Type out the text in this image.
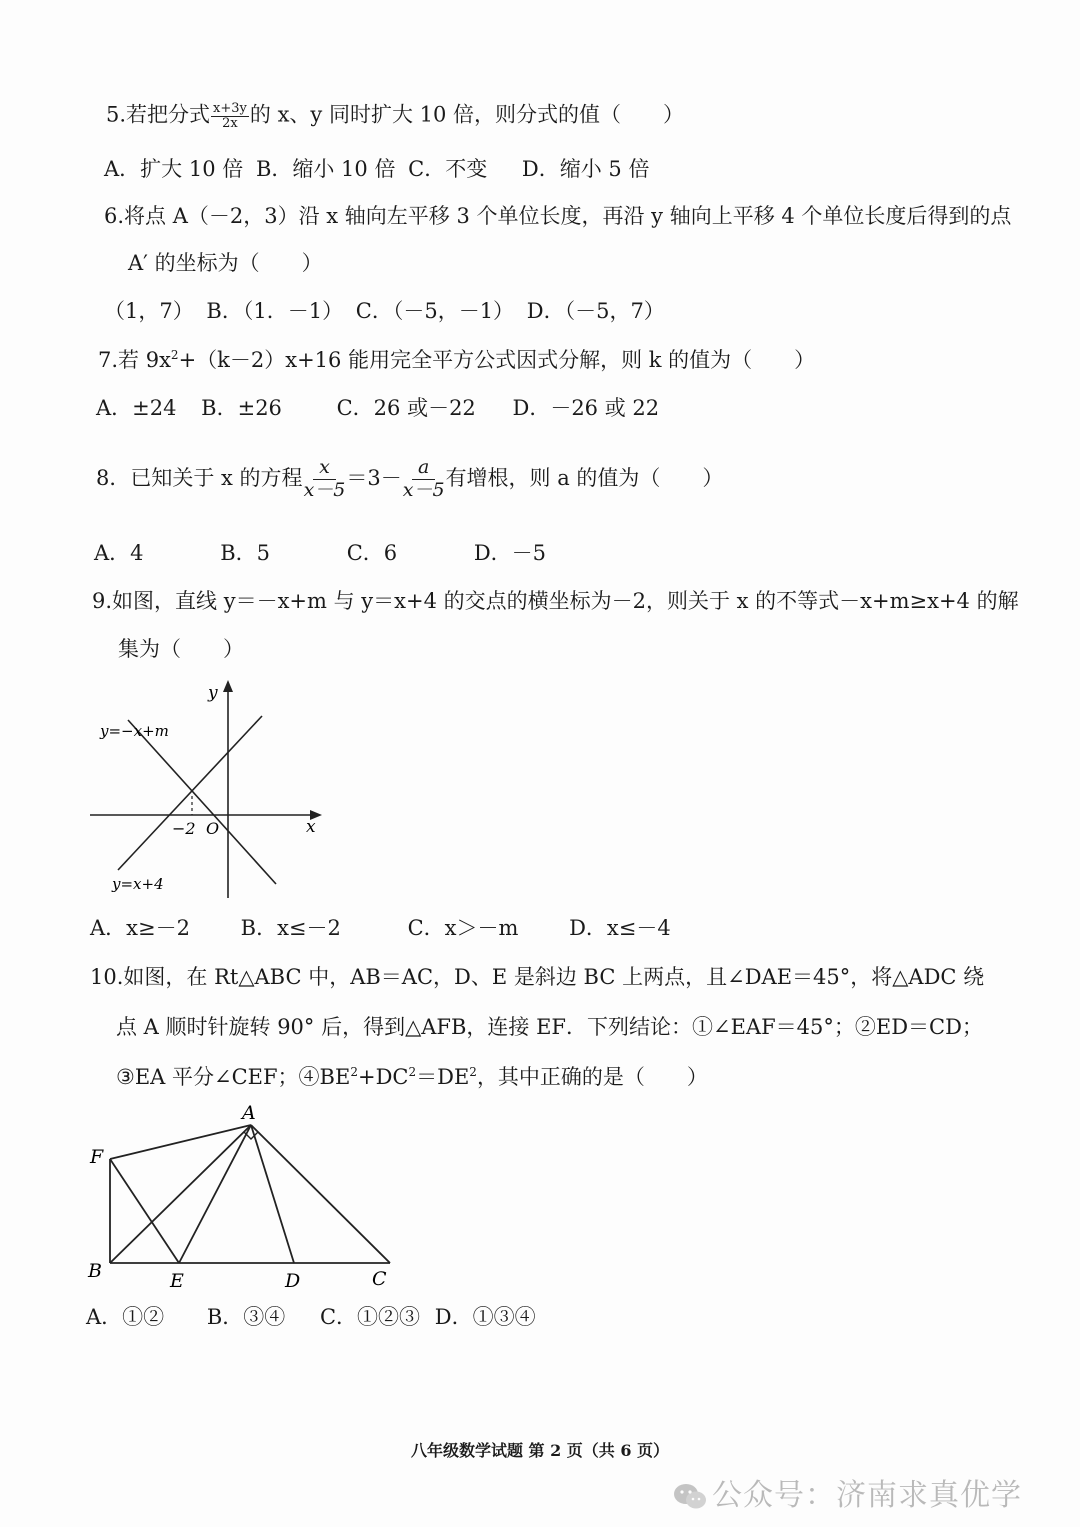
5.若把分式 $\frac{x+3y}{2x}$ 的 x、y 同时扩大 10 倍，则分式的值（　　）
A．扩大 10 倍 B．缩小 10 倍 C．不变 D．缩小 5 倍
6.将点 A（－2，3）沿 x 轴向左平移 3 个单位长度，再沿 y 轴向上平移 4 个单位长度后得到的点
A′ 的坐标为（　　）
（1，7） B．（1．－1） C．（－5，－1） D．（－5，7）
7.若 $9x^2+(k-2)x+16$ 能用完全平方公式因式分解，则 k 的值为（　　）
A．±24 B．±26	C．26 或－22 D．－26 或 22
8．已知关于 x 的方程 $\frac{x}{x-5} =3- \frac{a}{x-5}$ 有增根，则 a 的值为（　　）
A．4	B．5	C．6	D．－5
9.如图，直线 y＝－x+m 与 y＝x+4 的交点的横坐标为－2，则关于 x 的不等式－x+m≥x+4 的解
集为（　　）
y
x
y=−x+m
y=x+4
−2 O
A．x≥－2 B．x≤－2	C．x＞－m D．x≤－4
10.如图，在 Rt△ABC 中，AB＝AC，D、E 是斜边 BC 上两点，且∠DAE＝45°，将△ADC 绕
点 A 顺时针旋转 90° 后，得到△AFB，连接 EF．下列结论：①∠EAF＝45°；②ED＝CD；
③EA 平分∠CEF；$④BE^2+DC^2=DE^2$，其中正确的是（　　）
A
F
B	E	D	C
A．①② B．③④ C．①②③ D．①③④
八年级数学试题 第 2 页（共 6 页）
公众号：济南求真优学
